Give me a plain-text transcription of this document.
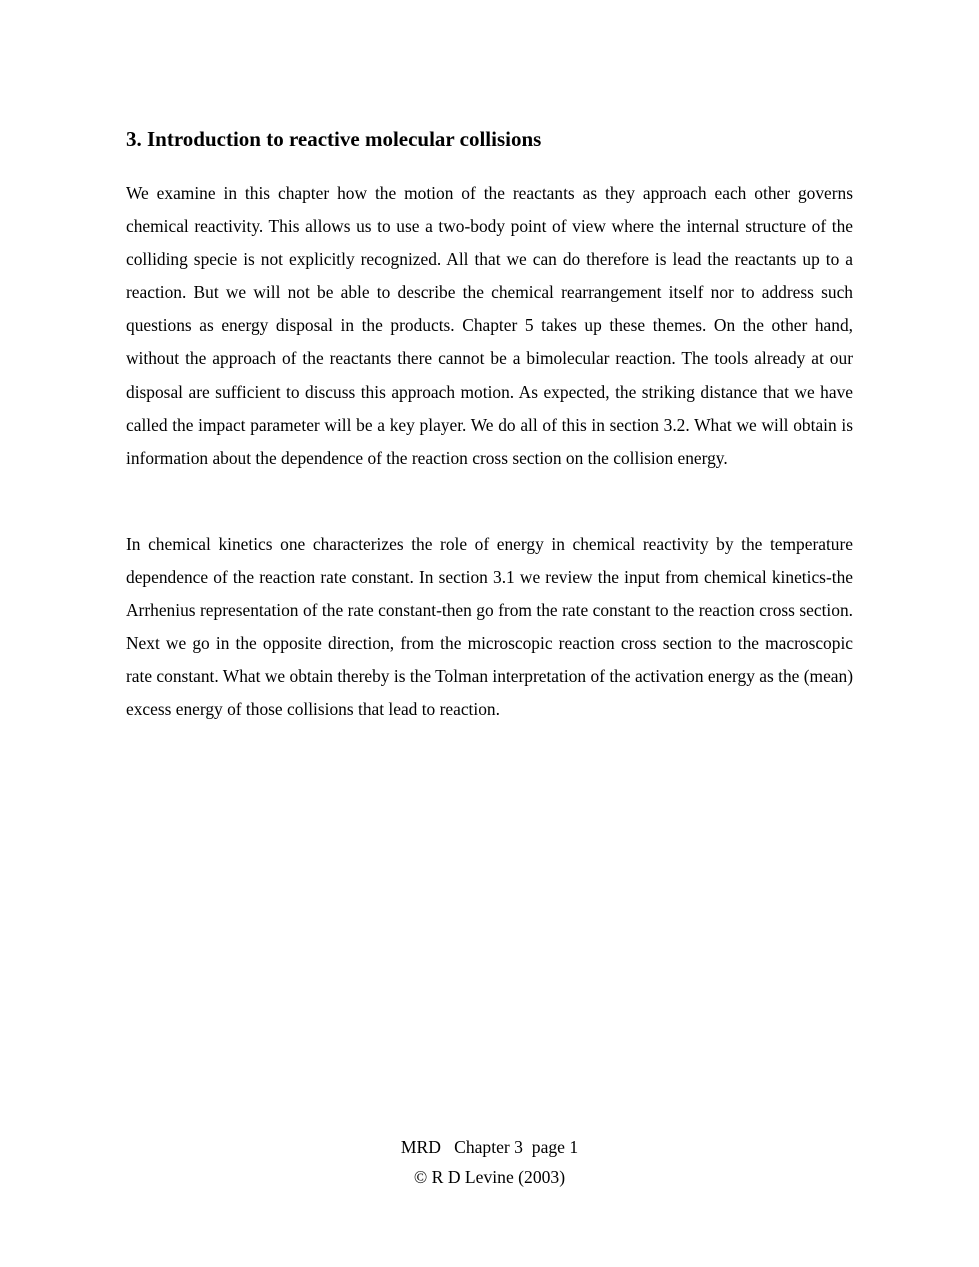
3. Introduction to reactive molecular collisions

We examine in this chapter how the motion of the reactants as they approach each other governs chemical reactivity. This allows us to use a two-body point of view where the internal structure of the colliding specie is not explicitly recognized. All that we can do therefore is lead the reactants up to a reaction. But we will not be able to describe the chemical rearrangement itself nor to address such questions as energy disposal in the products. Chapter 5 takes up these themes. On the other hand, without the approach of the reactants there cannot be a bimolecular reaction. The tools already at our disposal are sufficient to discuss this approach motion. As expected, the striking distance that we have called the impact parameter will be a key player. We do all of this in section 3.2. What we will obtain is information about the dependence of the reaction cross section on the collision energy.

In chemical kinetics one characterizes the role of energy in chemical reactivity by the temperature dependence of the reaction rate constant. In section 3.1 we review the input from chemical kinetics-the Arrhenius representation of the rate constant-then go from the rate constant to the reaction cross section. Next we go in the opposite direction, from the microscopic reaction cross section to the macroscopic rate constant. What we obtain thereby is the Tolman interpretation of the activation energy as the (mean) excess energy of those collisions that lead to reaction.

MRD   Chapter 3  page 1

© R D Levine (2003)
